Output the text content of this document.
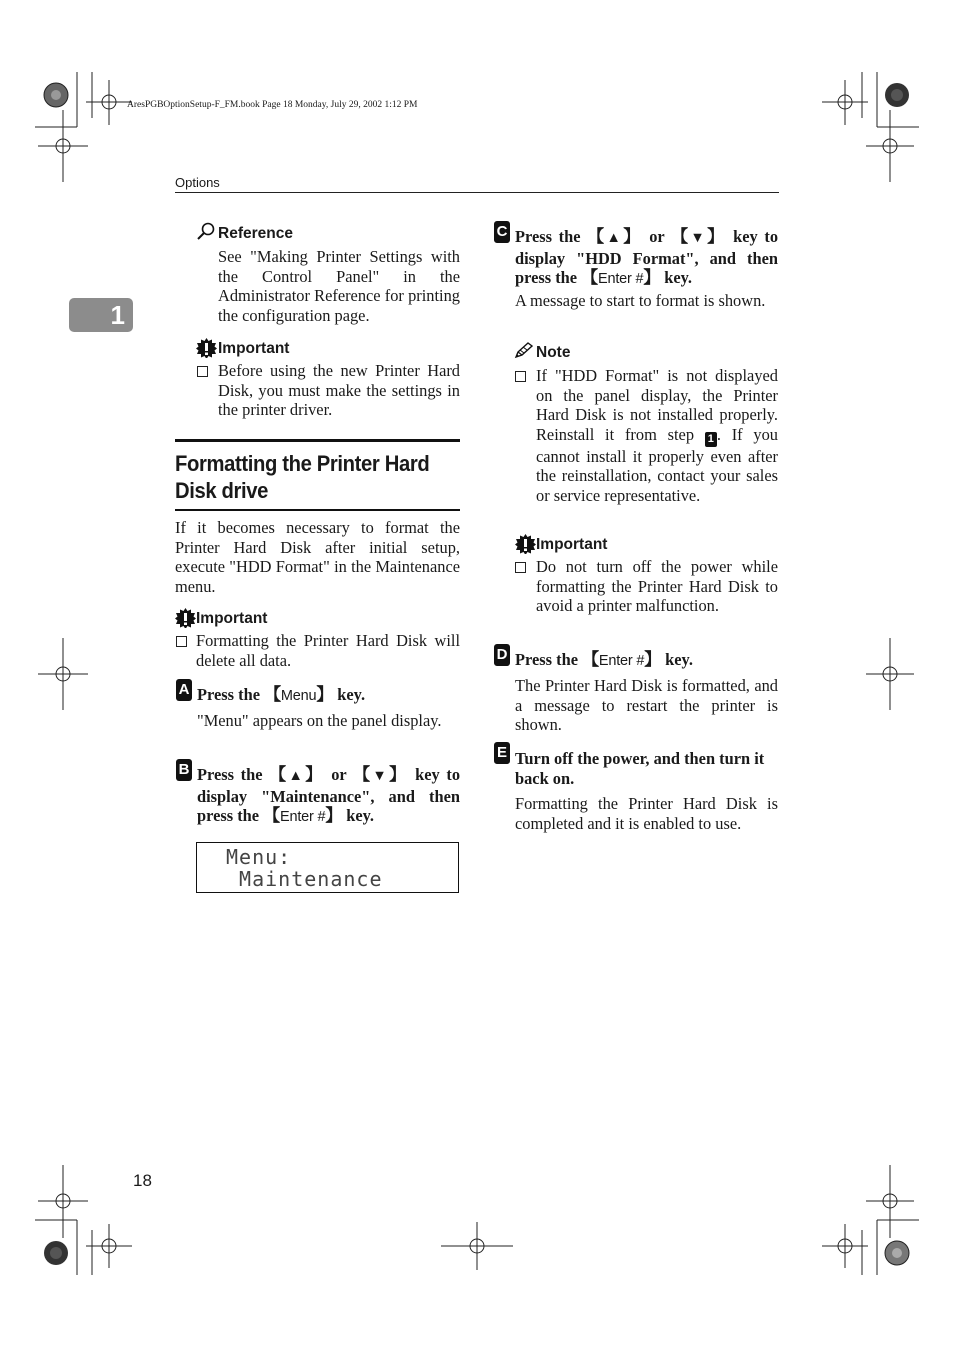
AresPGBOptionSetup-F_FM.book Page 18 Monday, July 29, 2002 1:12 PM
Options
1
Reference
See "Making Printer Settings with the Control Panel" in the Administrator Reference for printing the configuration page.
Important
Before using the new Printer Hard Disk, you must make the settings in the printer driver.
Formatting the Printer Hard
Disk drive
If it becomes necessary to format the Printer Hard Disk after initial setup, execute "HDD Format" in the Maintenance menu.
Important
Formatting the Printer Hard Disk will delete all data.
A Press the 【Menu】 key.
"Menu" appears on the panel display.
B Press the 【▲】 or 【▼】 key to display "Maintenance", and then press the 【Enter #】 key.
Menu:
Maintenance
C Press the 【▲】 or 【▼】 key to display "HDD Format", and then press the 【Enter #】 key.
A message to start to format is shown.
Note
If "HDD Format" is not displayed on the panel display, the Printer Hard Disk is not installed properly. Reinstall it from step 1 . If you cannot install it properly even after the reinstallation, contact your sales or service representative.
Important
Do not turn off the power while formatting the Printer Hard Disk to avoid a printer malfunction.
D Press the 【Enter #】 key.
The Printer Hard Disk is formatted, and a message to restart the printer is shown.
E Turn off the power, and then turn it back on.
Formatting the Printer Hard Disk is completed and it is enabled to use.
18
